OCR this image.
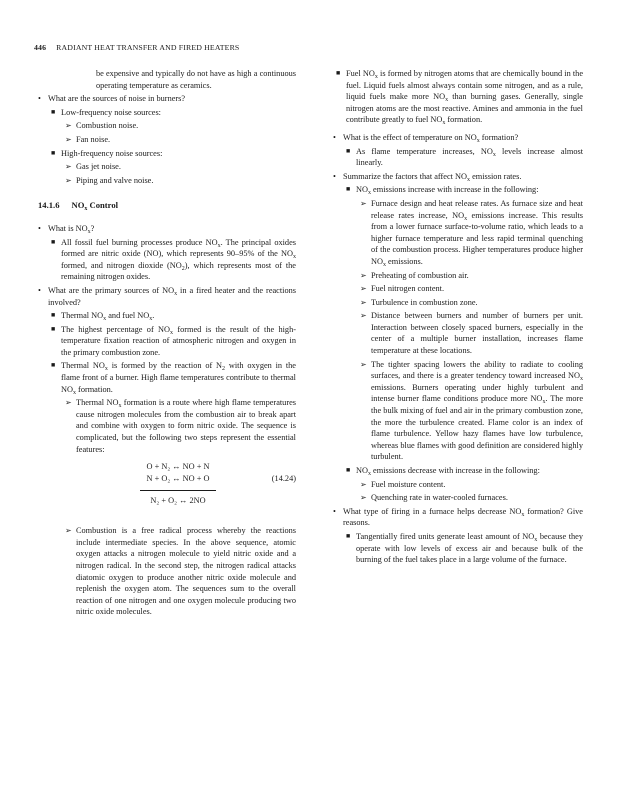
446 RADIANT HEAT TRANSFER AND FIRED HEATERS
be expensive and typically do not have as high a continuous operating temperature as ceramics.
• What are the sources of noise in burners?
■ Low-frequency noise sources:
➢ Combustion noise.
➢ Fan noise.
■ High-frequency noise sources:
➢ Gas jet noise.
➢ Piping and valve noise.
14.1.6 $NO_x$ Control
• What is $NO_x$?
■ All fossil fuel burning processes produce $NO_x$. The principal oxides formed are nitric oxide (NO), which represents 90–95% of the $NO_x$ formed, and nitrogen dioxide $(NO_2)$, which represents most of the remaining nitrogen oxides.
• What are the primary sources of $NO_x$ in a fired heater and the reactions involved?
■ Thermal $NO_x$ and fuel $NO_x$.
■ The highest percentage of $NO_x$ formed is the result of the high-temperature fixation reaction of atmospheric nitrogen and oxygen in the primary combustion zone.
■ Thermal $NO_x$ is formed by the reaction of $N_2$ with oxygen in the flame front of a burner. High flame temperatures contribute to thermal $NO_x$ formation.
➢ Thermal $NO_x$ formation is a route where high flame temperatures cause nitrogen molecules from the combustion air to break apart and combine with oxygen to form nitric oxide. The sequence is complicated, but the following two steps represent the essential features:
O + N₂ ↔ NO + N
N + O₂ ↔ NO + O
N₂ + O₂ ↔ 2NO
(14.24)
➢ Combustion is a free radical process whereby the reactions include intermediate species. In the above sequence, atomic oxygen attacks a nitrogen molecule to yield nitric oxide and a nitrogen radical. In the second step, the nitrogen radical attacks diatomic oxygen to produce another nitric oxide molecule and replenish the oxygen atom. The sequences sum to the overall reaction of one nitrogen and one oxygen molecule producing two nitric oxide molecules.
■ Fuel $NO_x$ is formed by nitrogen atoms that are chemically bound in the fuel. Liquid fuels almost always contain some nitrogen, and as a rule, liquid fuels make more $NO_x$ than burning gases. Generally, single nitrogen atoms are the most reactive. Amines and ammonia in the fuel contribute greatly to fuel $NO_x$ formation.
• What is the effect of temperature on $NO_x$ formation?
■ As flame temperature increases, $NO_x$ levels increase almost linearly.
• Summarize the factors that affect $NO_x$ emission rates.
■ $NO_x$ emissions increase with increase in the following:
➢ Furnace design and heat release rates. As furnace size and heat release rates increase, $NO_x$ emissions increase. This results from a lower furnace surface-to-volume ratio, which leads to a higher furnace temperature and less rapid terminal quenching of the combustion process. Higher temperatures produce higher $NO_x$ emissions.
➢ Preheating of combustion air.
➢ Fuel nitrogen content.
➢ Turbulence in combustion zone.
➢ Distance between burners and number of burners per unit. Interaction between closely spaced burners, especially in the center of a multiple burner installation, increases flame temperature at these locations.
➢ The tighter spacing lowers the ability to radiate to cooling surfaces, and there is a greater tendency toward increased $NO_x$ emissions. Burners operating under highly turbulent and intense burner flame conditions produce more $NO_x$. The more the bulk mixing of fuel and air in the primary combustion zone, the more the turbulence created. Flame color is an index of flame turbulence. Yellow hazy flames have low turbulence, whereas blue flames with good definition are considered highly turbulent.
■ $NO_x$ emissions decrease with increase in the following:
➢ Fuel moisture content.
➢ Quenching rate in water-cooled furnaces.
• What type of firing in a furnace helps decrease $NO_x$ formation? Give reasons.
■ Tangentially fired units generate least amount of $NO_x$ because they operate with low levels of excess air and because bulk of the burning of the fuel takes place in a large volume of the furnace.
